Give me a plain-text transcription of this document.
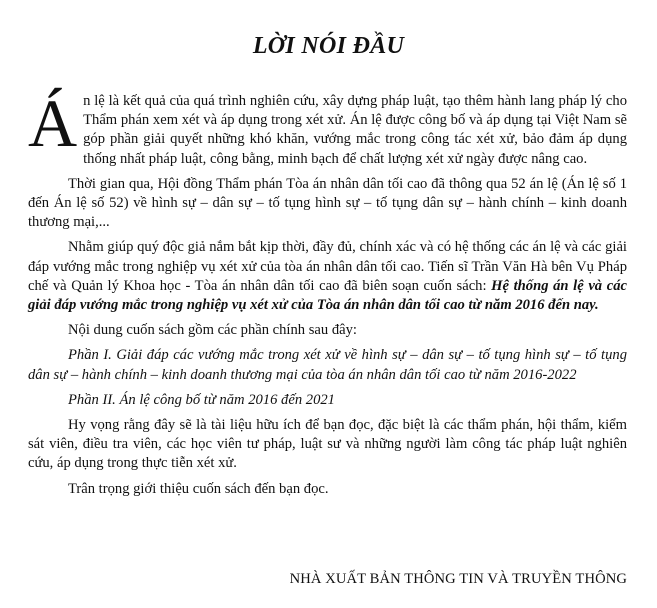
LỜI NÓI ĐẦU

Án lệ là kết quả của quá trình nghiên cứu, xây dựng pháp luật, tạo thêm hành lang pháp lý cho Thẩm phán xem xét và áp dụng trong xét xử. Án lệ được công bố và áp dụng tại Việt Nam sẽ góp phần giải quyết những khó khăn, vướng mắc trong công tác xét xử, bảo đảm áp dụng thống nhất pháp luật, công bằng, minh bạch để chất lượng xét xử ngày được nâng cao.

Thời gian qua, Hội đồng Thẩm phán Tòa án nhân dân tối cao đã thông qua 52 án lệ (Án lệ số 1 đến Án lệ số 52) về hình sự – dân sự – tố tụng hình sự – tố tụng dân sự – hành chính – kinh doanh thương mại,...

Nhằm giúp quý độc giả nắm bắt kịp thời, đầy đủ, chính xác và có hệ thống các án lệ và các giải đáp vướng mắc trong nghiệp vụ xét xử của tòa án nhân dân tối cao. Tiến sĩ Trần Văn Hà bên Vụ Pháp chế và Quản lý Khoa học - Tòa án nhân dân tối cao đã biên soạn cuốn sách: Hệ thống án lệ và các giải đáp vướng mắc trong nghiệp vụ xét xử của Tòa án nhân dân tối cao từ năm 2016 đến nay.

Nội dung cuốn sách gồm các phần chính sau đây:

Phần I. Giải đáp các vướng mắc trong xét xử về hình sự – dân sự – tố tụng hình sự – tố tụng dân sự – hành chính – kinh doanh thương mại của tòa án nhân dân tối cao từ năm 2016-2022

Phần II. Án lệ công bố từ năm 2016 đến 2021

Hy vọng rằng đây sẽ là tài liệu hữu ích để bạn đọc, đặc biệt là các thẩm phán, hội thẩm, kiểm sát viên, điều tra viên, các học viên tư pháp, luật sư và những người làm công tác pháp luật nghiên cứu, áp dụng trong thực tiễn xét xử.

Trân trọng giới thiệu cuốn sách đến bạn đọc.

NHÀ XUẤT BẢN THÔNG TIN VÀ TRUYỀN THÔNG
